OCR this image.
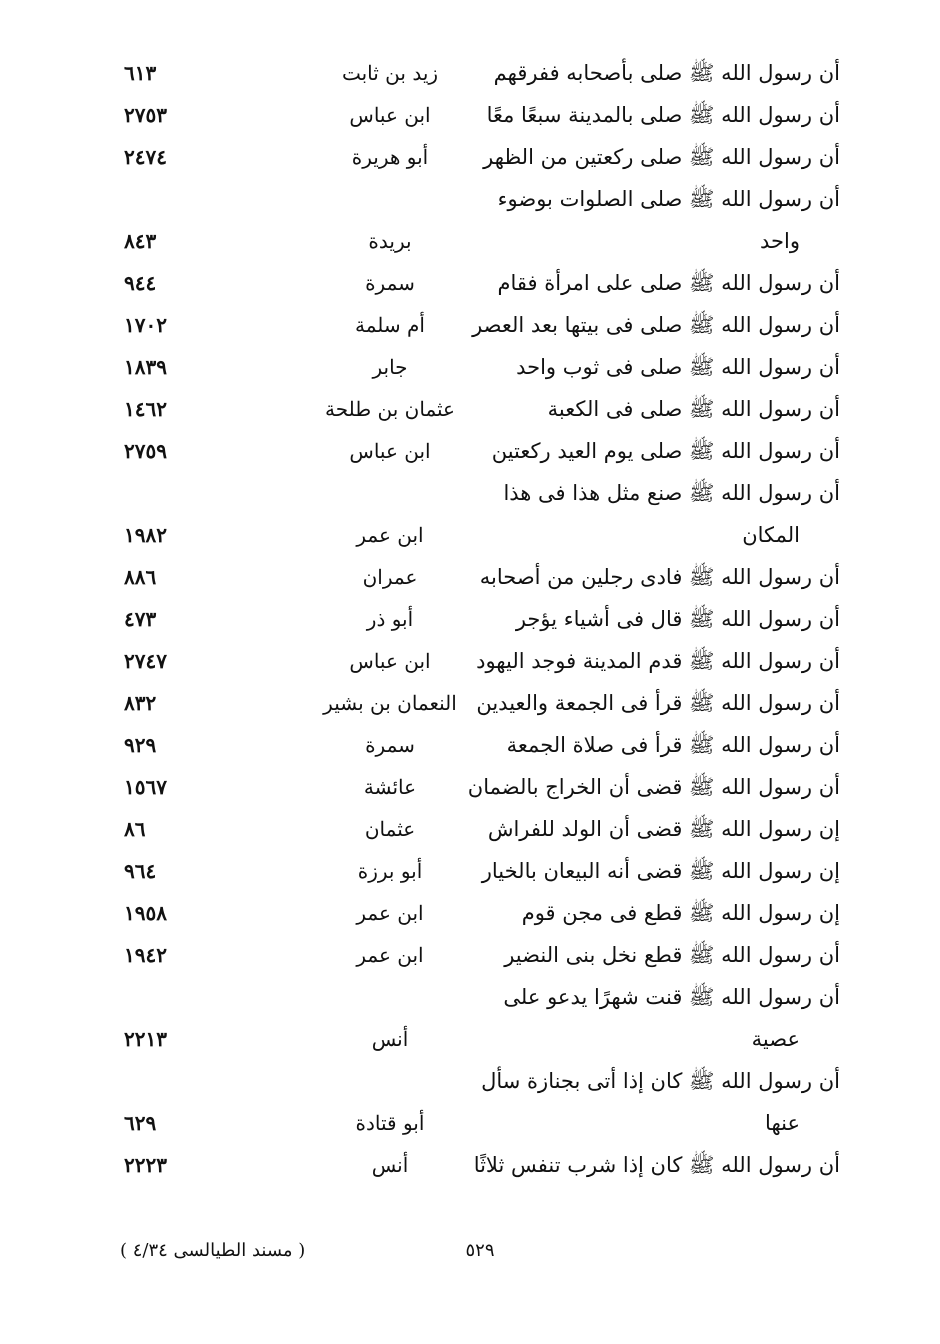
أن رسول الله ﷺ صلى بأصحابه ففرقهم
زيد بن ثابت
٦١٣
أن رسول الله ﷺ صلى بالمدينة سبعًا معًا
ابن عباس
٢٧٥٣
أن رسول الله ﷺ صلى ركعتين من الظهر
أبو هريرة
٢٤٧٤
أن رسول الله ﷺ صلى الصلوات بوضوء
واحد
بريدة
٨٤٣
أن رسول الله ﷺ صلى على امرأة فقام
سمرة
٩٤٤
أن رسول الله ﷺ صلى فى بيتها بعد العصر
أم سلمة
١٧٠٢
أن رسول الله ﷺ صلى فى ثوب واحد
جابر
١٨٣٩
أن رسول الله ﷺ صلى فى الكعبة
عثمان بن طلحة
١٤٦٢
أن رسول الله ﷺ صلى يوم العيد ركعتين
ابن عباس
٢٧٥٩
أن رسول الله ﷺ صنع مثل هذا فى هذا
المكان
ابن عمر
١٩٨٢
أن رسول الله ﷺ فادى رجلين من أصحابه
عمران
٨٨٦
أن رسول الله ﷺ قال فى أشياء يؤجر
أبو ذر
٤٧٣
أن رسول الله ﷺ قدم المدينة فوجد اليهود
ابن عباس
٢٧٤٧
أن رسول الله ﷺ قرأ فى الجمعة والعيدين
النعمان بن بشير
٨٣٢
أن رسول الله ﷺ قرأ فى صلاة الجمعة
سمرة
٩٢٩
أن رسول الله ﷺ قضى أن الخراج بالضمان
عائشة
١٥٦٧
إن رسول الله ﷺ قضى أن الولد للفراش
عثمان
٨٦
إن رسول الله ﷺ قضى أنه البيعان بالخيار
أبو برزة
٩٦٤
إن رسول الله ﷺ قطع فى مجن قوم
ابن عمر
١٩٥٨
أن رسول الله ﷺ قطع نخل بنى النضير
ابن عمر
١٩٤٢
أن رسول الله ﷺ قنت شهرًا يدعو على
عصية
أنس
٢٢١٣
أن رسول الله ﷺ كان إذا أتى بجنازة سأل
عنها
أبو قتادة
٦٢٩
أن رسول الله ﷺ كان إذا شرب تنفس ثلاثًا
أنس
٢٢٢٣
٥٢٩
( مسند الطيالسى ٤/٣٤ )
